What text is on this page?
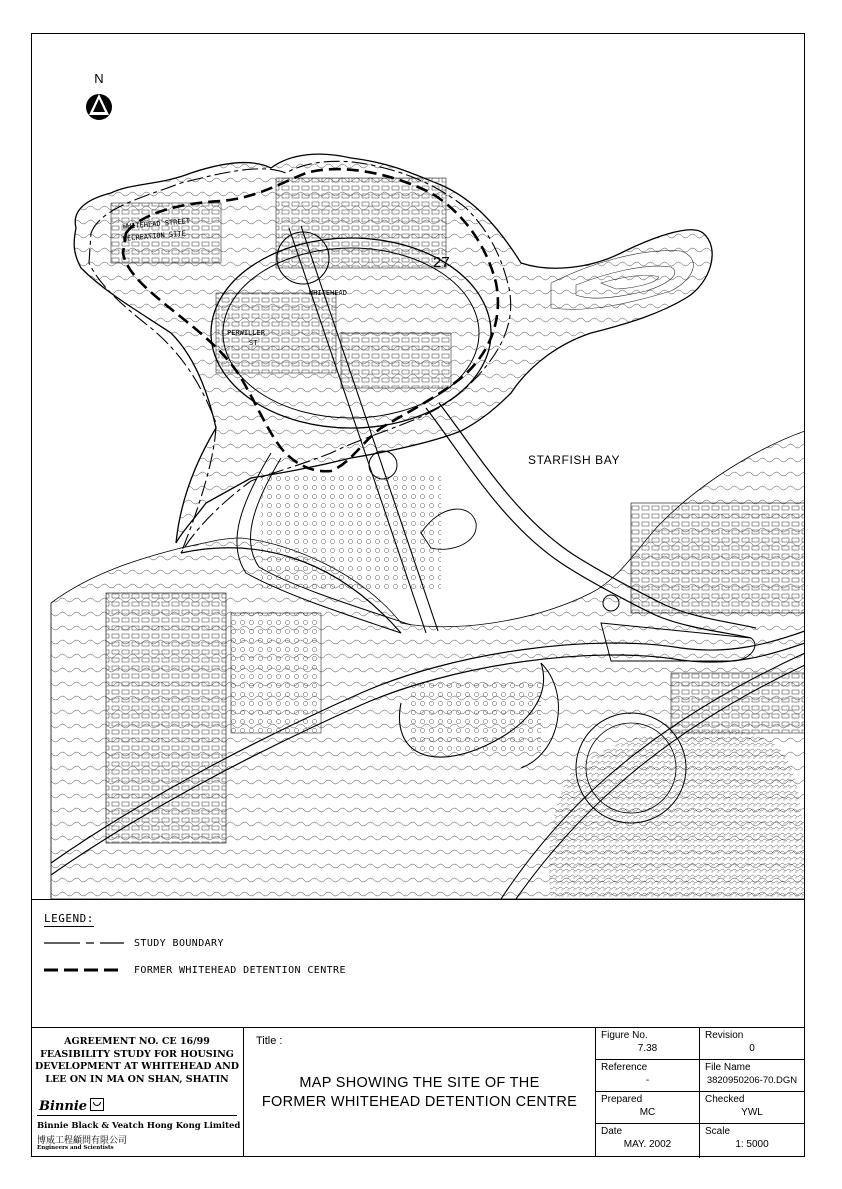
N
STARFISH BAY
27
WHITEHEAD STREET
RECREATION SITE
WHITEHEAD
PERWILLER
ST
LEGEND:
STUDY BOUNDARY
FORMER WHITEHEAD DETENTION CENTRE
AGREEMENT NO. CE 16/99
FEASIBILITY STUDY FOR HOUSING
DEVELOPMENT AT WHITEHEAD AND
LEE ON IN MA ON SHAN, SHATIN
Binnie
Binnie Black & Veatch Hong Kong Limited
博威工程顧問有限公司
Engineers and Scientists
Title :
MAP SHOWING THE SITE OF THE
FORMER WHITEHEAD DETENTION CENTRE
Figure No.
7.38
Revision
0
Reference
-
File Name
3820950206-70.DGN
Prepared
MC
Checked
YWL
Date
MAY. 2002
Scale
1: 5000
